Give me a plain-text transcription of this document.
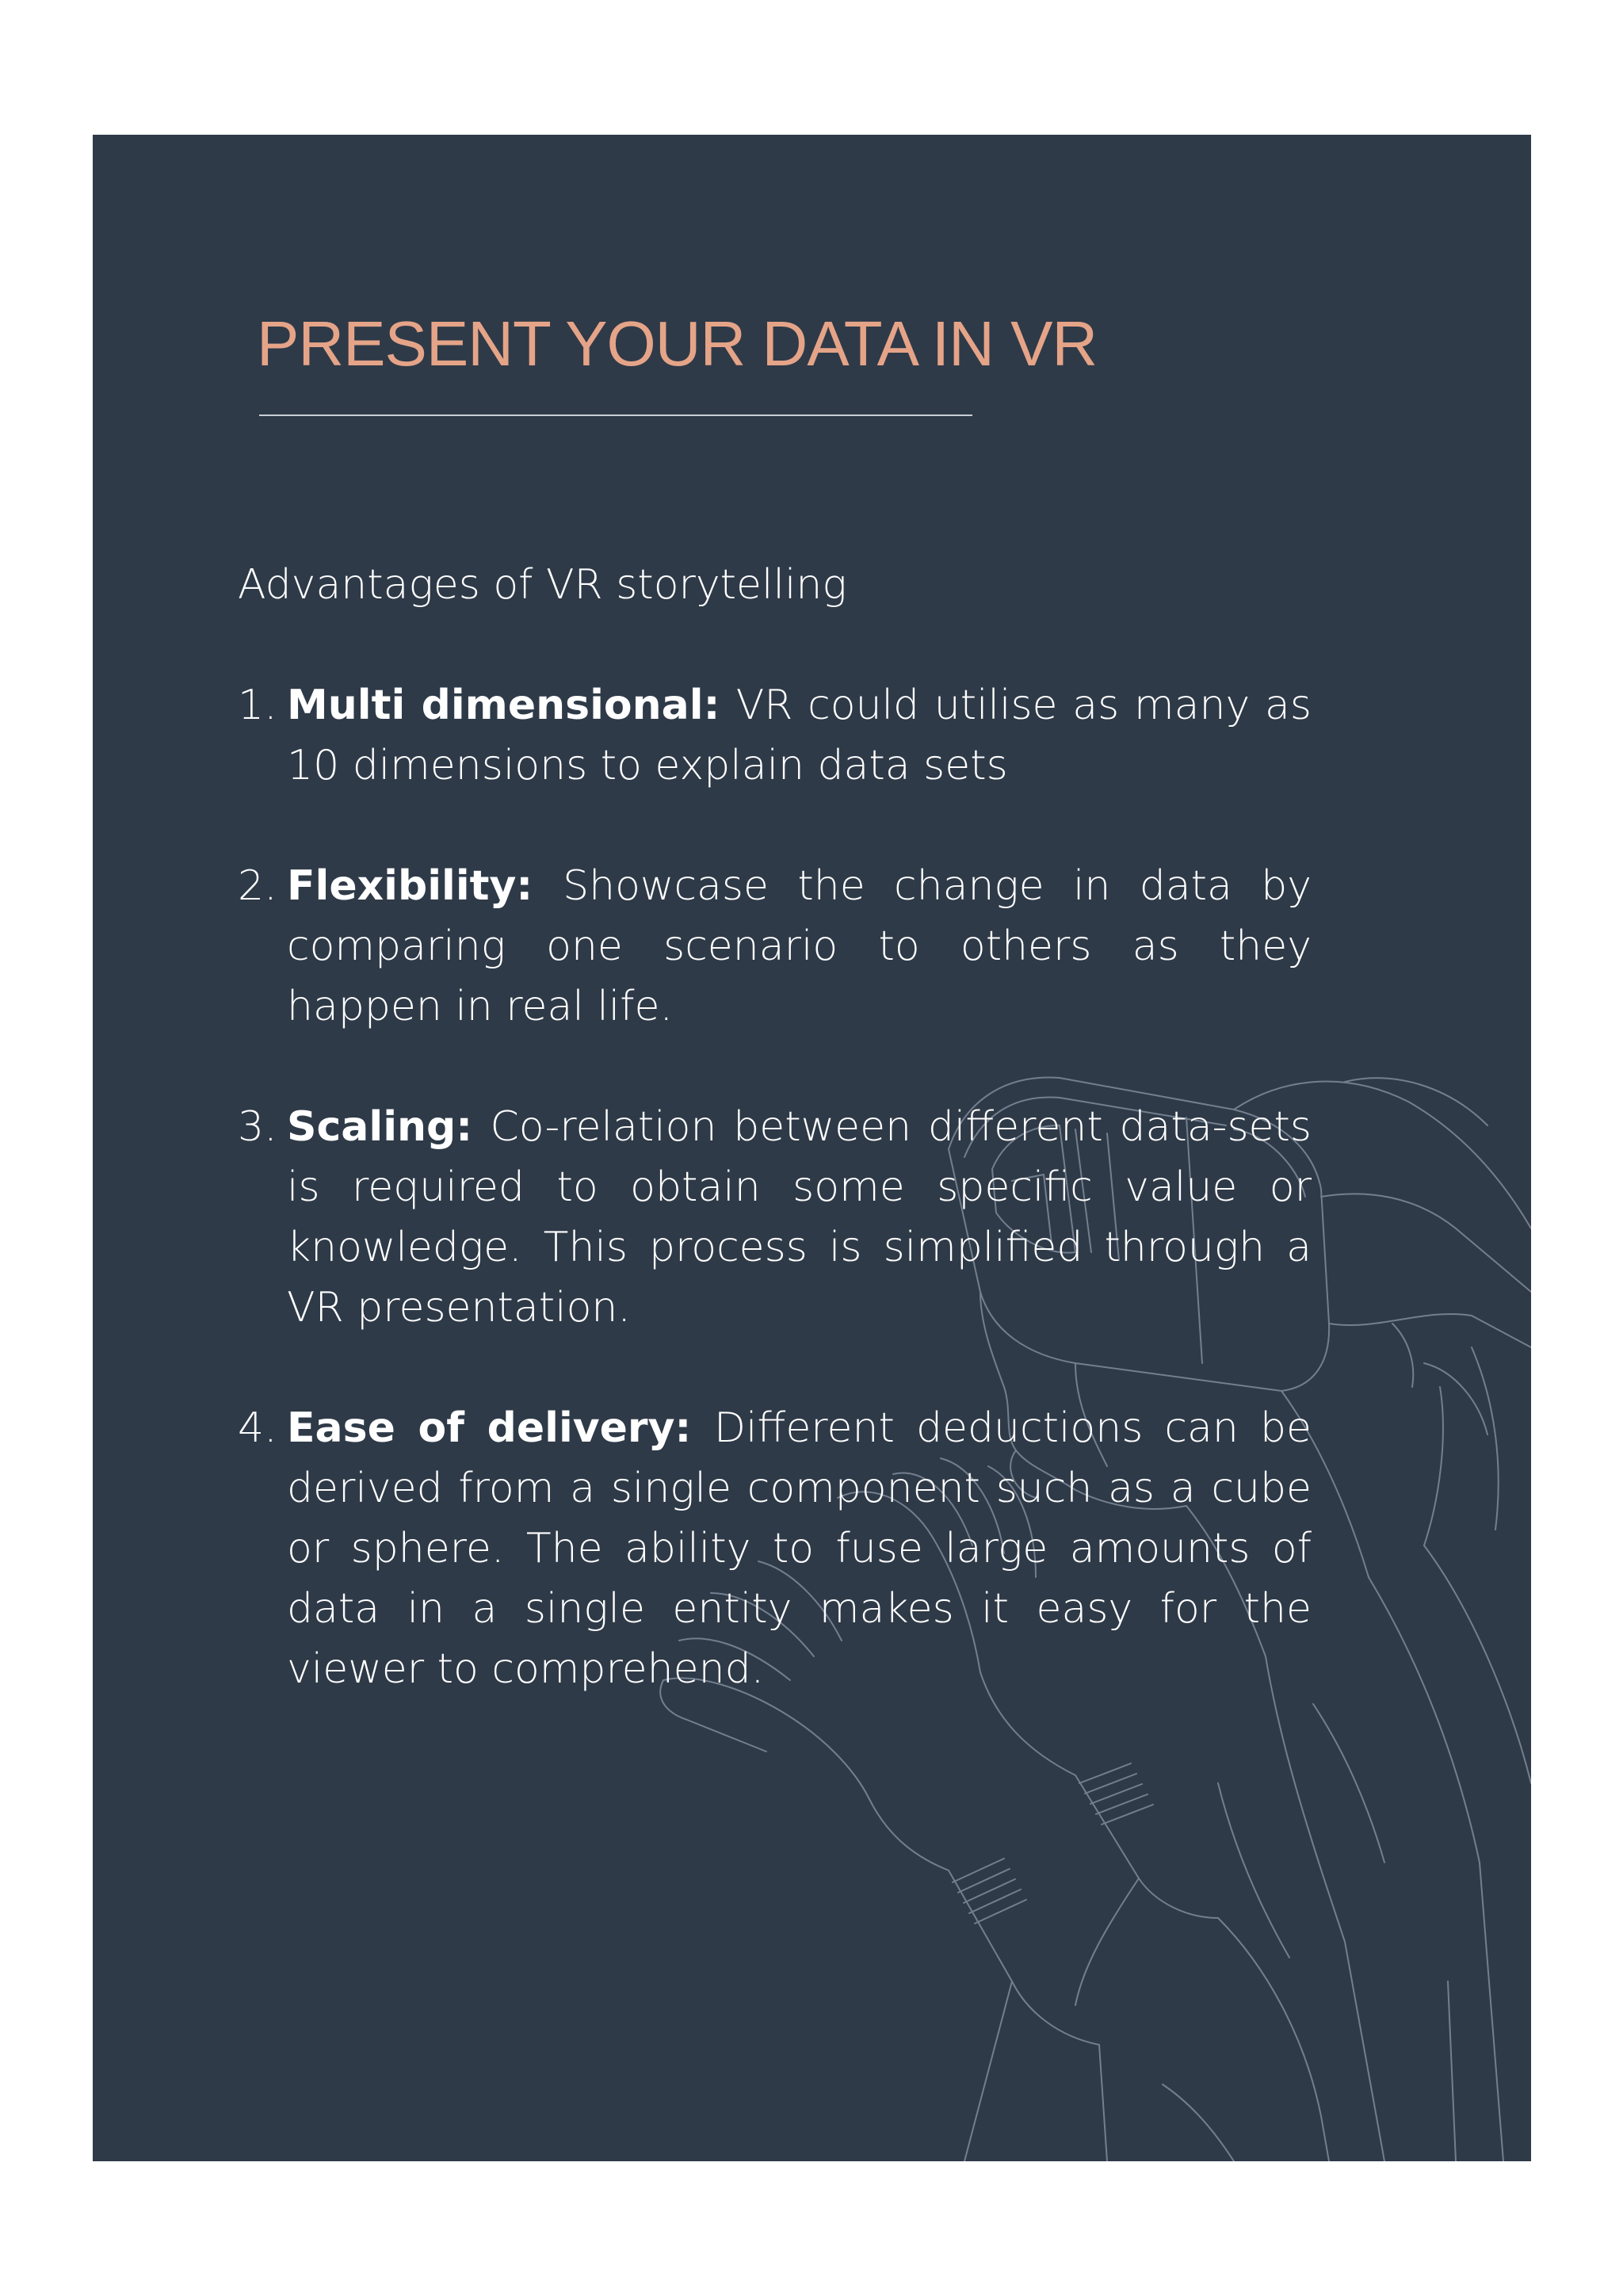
PRESENT YOUR DATA IN VR

Advantages of VR storytelling

1. Multi dimensional: VR could utilise as many as 10 dimensions to explain data sets
2. Flexibility: Showcase the change in data by comparing one scenario to others as they happen in real life.
3. Scaling: Co-relation between different data-sets is required to obtain some specific value or knowledge. This process is simplified through a VR presentation.
4. Ease of delivery: Different deductions can be derived from a single component such as a cube or sphere. The ability to fuse large amounts of data in a single entity makes it easy for the viewer to comprehend.
